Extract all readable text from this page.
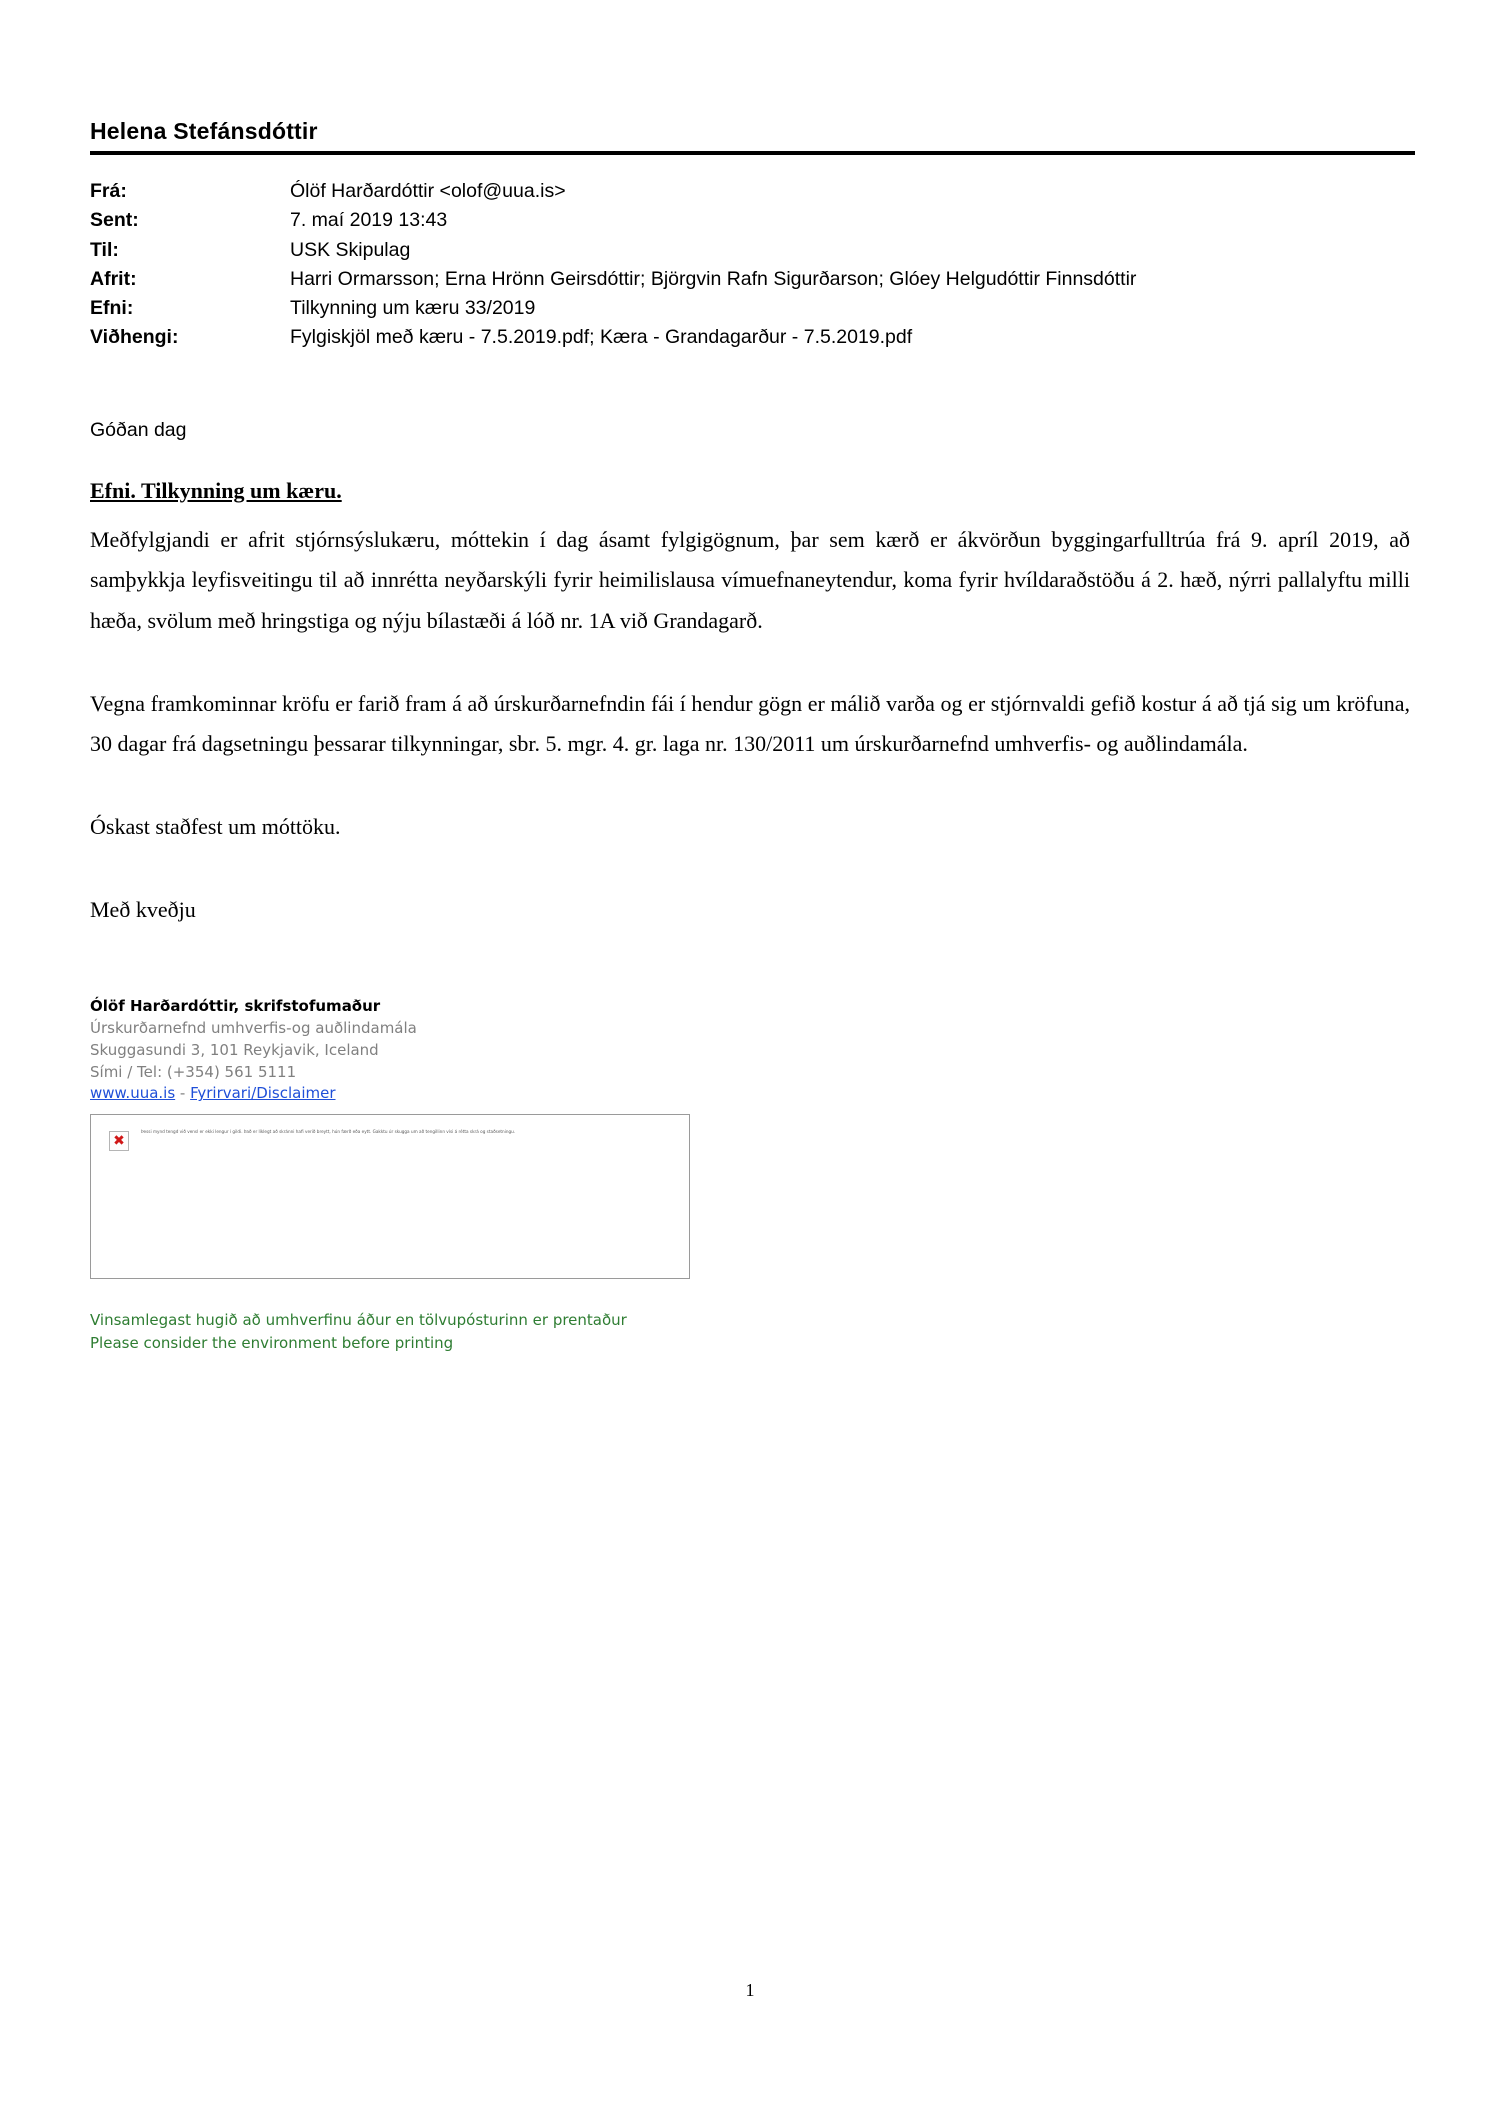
Helena Stefánsdóttir
Frá:	Ólöf Harðardóttir <olof@uua.is>
Sent:	7. maí 2019 13:43
Til:	USK Skipulag
Afrit:	Harri Ormarsson; Erna Hrönn Geirsdóttir; Björgvin Rafn Sigurðarson; Glóey Helgudóttir Finnsdóttir
Efni:	Tilkynning um kæru 33/2019
Viðhengi:	Fylgiskjöl með kæru - 7.5.2019.pdf; Kæra - Grandagarður - 7.5.2019.pdf
Góðan dag
Efni. Tilkynning um kæru.

Meðfylgjandi er afrit stjórnsýslukæru, móttekin í dag ásamt fylgigögnum, þar sem kærð er ákvörðun byggingarfulltrúa frá 9. apríl 2019, að samþykkja leyfisveitingu til að innrétta neyðarskýli fyrir heimilislausa vímuefnaneytendur, koma fyrir hvíldaraðstöðu á 2. hæð, nýrri pallalyftu milli hæða, svölum með hringstiga og nýju bílastæði á lóð nr. 1A við Grandagarð.

Vegna framkominnar kröfu er farið fram á að úrskurðarnefndin fái í hendur gögn er málið varða og er stjórnvaldi gefið kostur á að tjá sig um kröfuna, 30 dagar frá dagsetningu þessarar tilkynningar, sbr. 5. mgr. 4. gr. laga nr. 130/2011 um úrskurðarnefnd umhverfis- og auðlindamála.

Óskast staðfest um móttöku.

Með kveðju

Ólöf Harðardóttir, skrifstofumaður
Úrskurðarnefnd umhverfis-og auðlindamála
Skuggasundi 3, 101 Reykjavik, Iceland
Sími / Tel: (+354) 561 5111
www.uua.is - Fyrirvari/Disclaimer
✖
Þessi mynd tengd við vensl er ekki lengur í gildi. Það er líklegt að skránni hafi verið breytt, hún færð eða eytt. Gakktu úr skugga um að tengillinn vísi á rétta skrá og staðsetningu.
Vinsamlegast hugið að umhverfinu áður en tölvupósturinn er prentaður
Please consider the environment before printing
1
